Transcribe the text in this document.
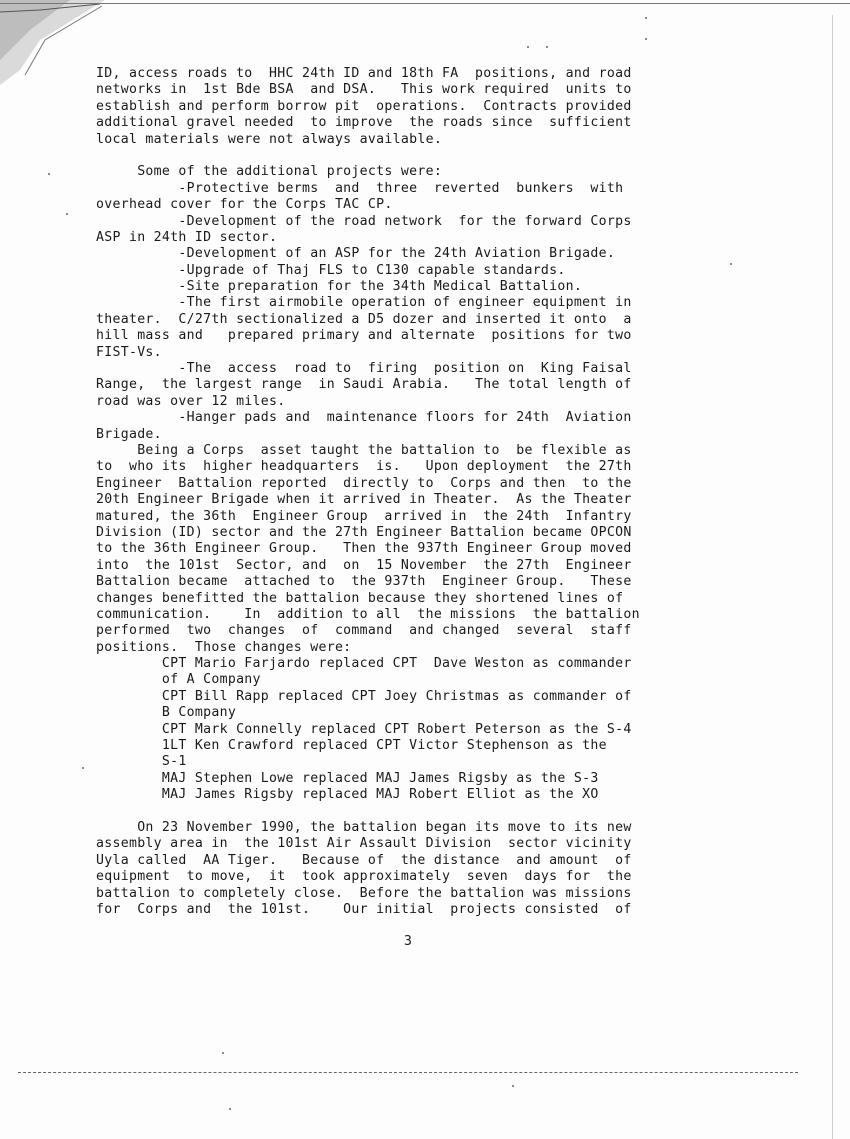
ID, access roads to  HHC 24th ID and 18th FA  positions, and road
networks in  1st Bde BSA  and DSA.   This work required  units to
establish and perform borrow pit  operations.  Contracts provided
additional gravel needed  to improve  the roads since  sufficient
local materials were not always available.
Some of the additional projects were:
-Protective berms  and  three  reverted  bunkers  with
overhead cover for the Corps TAC CP.
-Development of the road network  for the forward Corps
ASP in 24th ID sector.
-Development of an ASP for the 24th Aviation Brigade.
-Upgrade of Thaj FLS to C130 capable standards.
-Site preparation for the 34th Medical Battalion.
-The first airmobile operation of engineer equipment in
theater.  C/27th sectionalized a D5 dozer and inserted it onto  a
hill mass and   prepared primary and alternate  positions for two
FIST-Vs.
-The  access  road to  firing  position on  King Faisal
Range,  the largest range  in Saudi Arabia.   The total length of
road was over 12 miles.
-Hanger pads and  maintenance floors for 24th  Aviation
Brigade.
Being a Corps  asset taught the battalion to  be flexible as
to  who its  higher headquarters  is.   Upon deployment  the 27th
Engineer  Battalion reported  directly to  Corps and then  to the
20th Engineer Brigade when it arrived in Theater.  As the Theater
matured, the 36th  Engineer Group  arrived in  the 24th  Infantry
Division (ID) sector and the 27th Engineer Battalion became OPCON
to the 36th Engineer Group.   Then the 937th Engineer Group moved
into  the 101st  Sector, and  on  15 November  the 27th  Engineer
Battalion became  attached to  the 937th  Engineer Group.   These
changes benefitted the battalion because they shortened lines of
communication.    In  addition to all  the missions  the battalion
performed  two  changes  of  command  and changed  several  staff
positions.  Those changes were:
CPT Mario Farjardo replaced CPT  Dave Weston as commander
of A Company
CPT Bill Rapp replaced CPT Joey Christmas as commander of
B Company
CPT Mark Connelly replaced CPT Robert Peterson as the S-4
1LT Ken Crawford replaced CPT Victor Stephenson as the
S-1
MAJ Stephen Lowe replaced MAJ James Rigsby as the S-3
MAJ James Rigsby replaced MAJ Robert Elliot as the XO
On 23 November 1990, the battalion began its move to its new
assembly area in  the 101st Air Assault Division  sector vicinity
Uyla called  AA Tiger.   Because of  the distance  and amount  of
equipment  to move,  it  took approximately  seven  days for  the
battalion to completely close.  Before the battalion was missions
for  Corps and  the 101st.    Our initial  projects consisted  of
3
